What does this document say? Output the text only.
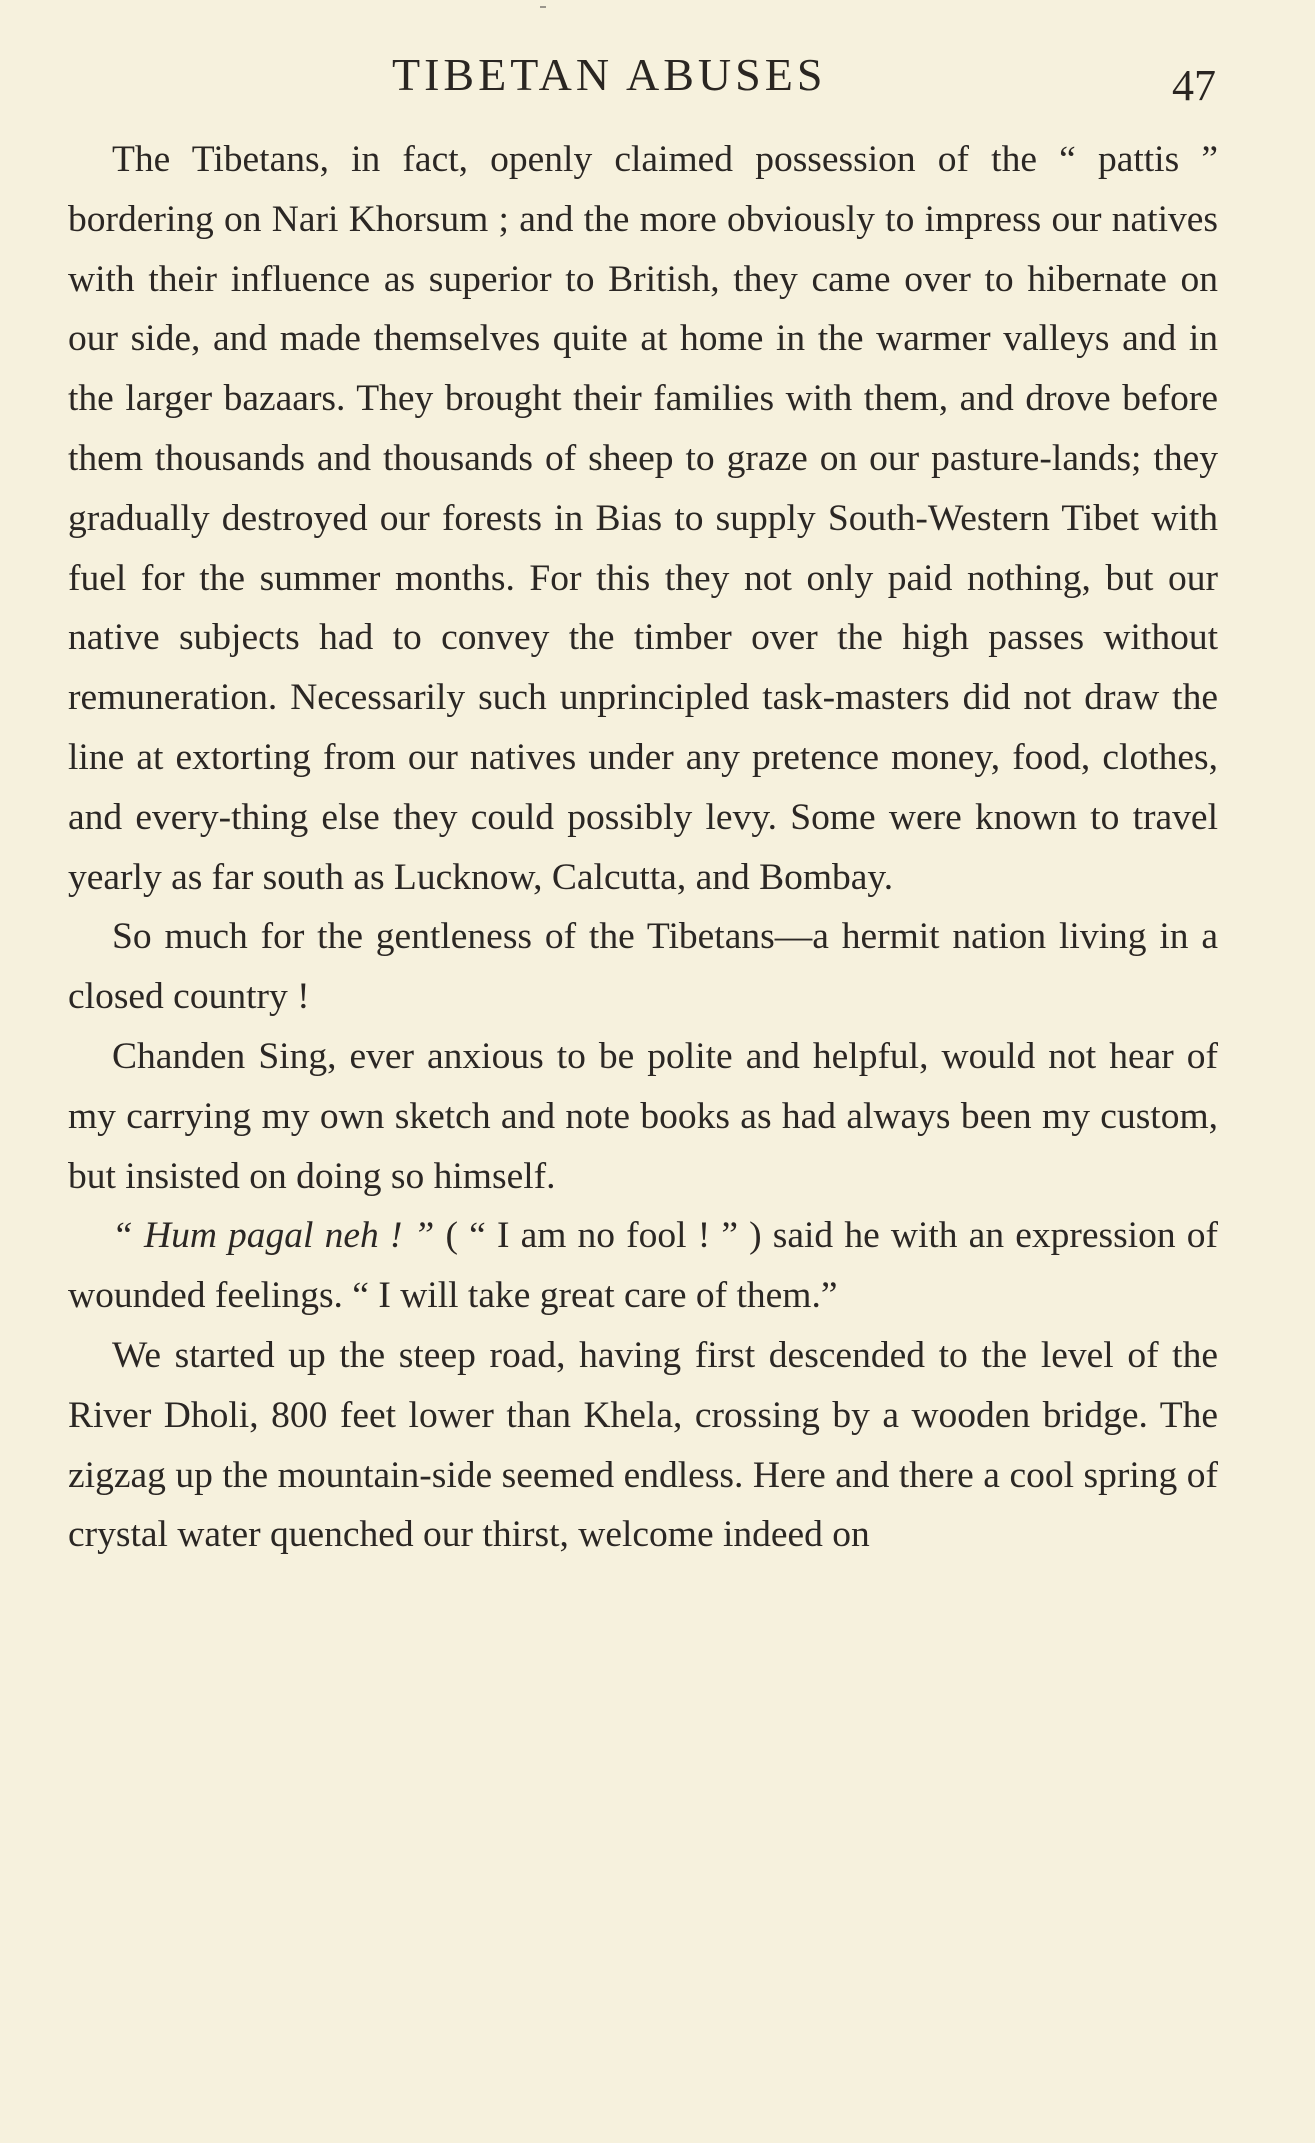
TIBETAN ABUSES	47

The Tibetans, in fact, openly claimed possession of the “ pattis ” bordering on Nari Khorsum ; and the more obviously to impress our natives with their influence as superior to British, they came over to hibernate on our side, and made themselves quite at home in the warmer valleys and in the larger bazaars. They brought their families with them, and drove before them thousands and thousands of sheep to graze on our pasture-lands; they gradually destroyed our forests in Bias to supply South-Western Tibet with fuel for the summer months. For this they not only paid nothing, but our native subjects had to convey the timber over the high passes without remuneration. Necessarily such unprincipled task-masters did not draw the line at extorting from our natives under any pretence money, food, clothes, and every-thing else they could possibly levy. Some were known to travel yearly as far south as Lucknow, Calcutta, and Bombay.

So much for the gentleness of the Tibetans—a hermit nation living in a closed country !

Chanden Sing, ever anxious to be polite and helpful, would not hear of my carrying my own sketch and note books as had always been my custom, but insisted on doing so himself.

“ Hum pagal neh ! ” ( “ I am no fool ! ” ) said he with an expression of wounded feelings. “ I will take great care of them.”

We started up the steep road, having first descended to the level of the River Dholi, 800 feet lower than Khela, crossing by a wooden bridge. The zigzag up the mountain-side seemed endless. Here and there a cool spring of crystal water quenched our thirst, welcome indeed on
